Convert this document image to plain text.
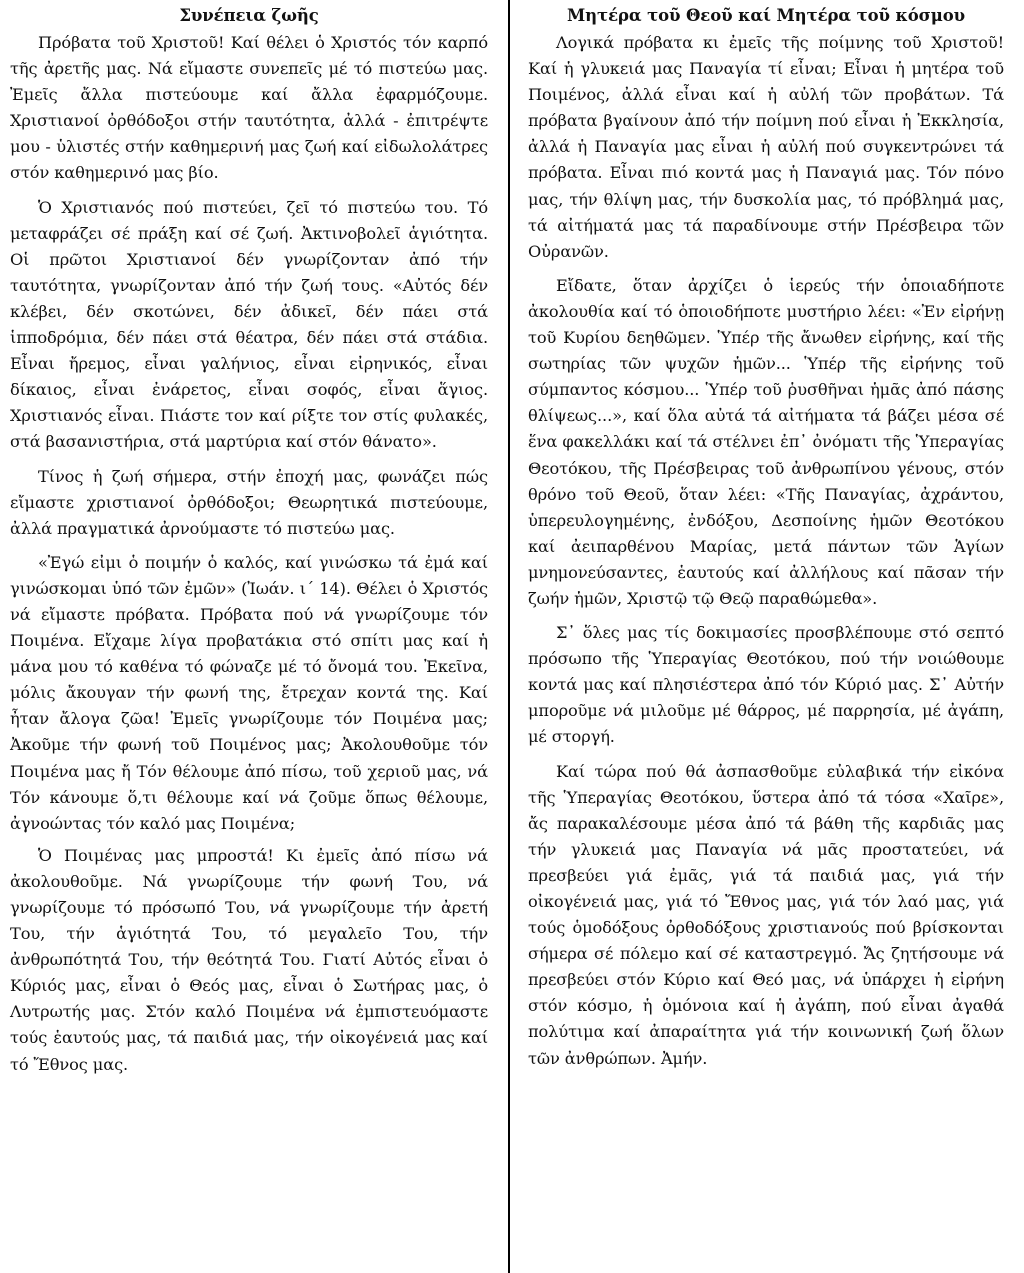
Συνέπεια ζωῆς

Πρόβατα τοῦ Χριστοῦ! Καί θέλει ὁ Χριστός τόν καρπό τῆς ἀρετῆς μας. Νά εἴμαστε συνεπεῖς μέ τό πιστεύω μας. Ἐμεῖς ἄλλα πιστεύουμε καί ἄλλα ἐφαρμόζουμε. Χριστιανοί ὀρθόδοξοι στήν ταυτότητα, ἀλλά - ἐπιτρέψτε μου - ὑλιστές στήν καθημερινή μας ζωή καί εἰδωλολάτρες στόν καθημερινό μας βίο.

Ὁ Χριστιανός πού πιστεύει, ζεῖ τό πιστεύω του. Τό μεταφράζει σέ πράξη καί σέ ζωή. Ἀκτινοβολεῖ ἁγιότητα. Οἱ πρῶτοι Χριστιανοί δέν γνωρίζονταν ἀπό τήν ταυτότητα, γνωρίζονταν ἀπό τήν ζωή τους. «Αὐτός δέν κλέβει, δέν σκοτώνει, δέν ἀδικεῖ, δέν πάει στά ἱπποδρόμια, δέν πάει στά θέατρα, δέν πάει στά στάδια. Εἶναι ἤρεμος, εἶναι γαλήνιος, εἶναι εἰρηνικός, εἶναι δίκαιος, εἶναι ἐνάρετος, εἶναι σοφός, εἶναι ἅγιος. Χριστιανός εἶναι. Πιάστε τον καί ρίξτε τον στίς φυλακές, στά βασανιστήρια, στά μαρτύρια καί στόν θάνατο».

Τίνος ἡ ζωή σήμερα, στήν ἐποχή μας, φωνάζει πώς εἴμαστε χριστιανοί ὀρθόδοξοι; Θεωρητικά πιστεύουμε, ἀλλά πραγματικά ἀρνούμαστε τό πιστεύω μας.

«Ἐγώ εἰμι ὁ ποιμήν ὁ καλός, καί γινώσκω τά ἐμά καί γινώσκομαι ὑπό τῶν ἐμῶν» (Ἰωάν. ι΄ 14). Θέλει ὁ Χριστός νά εἴμαστε πρόβατα. Πρόβατα πού νά γνωρίζουμε τόν Ποιμένα. Εἴχαμε λίγα προβατάκια στό σπίτι μας καί ἡ μάνα μου τό καθένα τό φώναζε μέ τό ὄνομά του. Ἐκεῖνα, μόλις ἄκουγαν τήν φωνή της, ἔτρεχαν κοντά της. Καί ἦταν ἄλογα ζῶα! Ἐμεῖς γνωρίζουμε τόν Ποιμένα μας; Ἀκοῦμε τήν φωνή τοῦ Ποιμένος μας; Ἀκολουθοῦμε τόν Ποιμένα μας ἤ Τόν θέλουμε ἀπό πίσω, τοῦ χεριοῦ μας, νά Τόν κάνουμε ὅ,τι θέλουμε καί νά ζοῦμε ὅπως θέλουμε, ἀγνοώντας τόν καλό μας Ποιμένα;

Ὁ Ποιμένας μας μπροστά! Κι ἐμεῖς ἀπό πίσω νά ἀκολουθοῦμε. Νά γνωρίζουμε τήν φωνή Του, νά γνωρίζουμε τό πρόσωπό Του, νά γνωρίζουμε τήν ἀρετή Του, τήν ἁγιότητά Του, τό μεγαλεῖο Του, τήν ἀνθρωπότητά Του, τήν θεότητά Του. Γιατί Αὐτός εἶναι ὁ Κύριός μας, εἶναι ὁ Θεός μας, εἶναι ὁ Σωτήρας μας, ὁ Λυτρωτής μας. Στόν καλό Ποιμένα νά ἐμπιστευόμαστε τούς ἑαυτούς μας, τά παιδιά μας, τήν οἰκογένειά μας καί τό Ἔθνος μας.

Μητέρα τοῦ Θεοῦ καί Μητέρα τοῦ κόσμου

Λογικά πρόβατα κι ἐμεῖς τῆς ποίμνης τοῦ Χριστοῦ! Καί ἡ γλυκειά μας Παναγία τί εἶναι; Εἶναι ἡ μητέρα τοῦ Ποιμένος, ἀλλά εἶναι καί ἡ αὐλή τῶν προβάτων. Τά πρόβατα βγαίνουν ἀπό τήν ποίμνη πού εἶναι ἡ Ἐκκλησία, ἀλλά ἡ Παναγία μας εἶναι ἡ αὐλή πού συγκεντρώνει τά πρόβατα. Εἶναι πιό κοντά μας ἡ Παναγιά μας. Τόν πόνο μας, τήν θλίψη μας, τήν δυσκολία μας, τό πρόβλημά μας, τά αἰτήματά μας τά παραδίνουμε στήν Πρέσβειρα τῶν Οὐρανῶν.

Εἴδατε, ὅταν ἀρχίζει ὁ ἱερεύς τήν ὁποιαδήποτε ἀκολουθία καί τό ὁποιοδήποτε μυστήριο λέει: «Ἐν εἰρήνῃ τοῦ Κυρίου δεηθῶμεν. Ὑπέρ τῆς ἄνωθεν εἰρήνης, καί τῆς σωτηρίας τῶν ψυχῶν ἡμῶν... Ὑπέρ τῆς εἰρήνης τοῦ σύμπαντος κόσμου... Ὑπέρ τοῦ ῥυσθῆναι ἡμᾶς ἀπό πάσης θλίψεως...», καί ὅλα αὐτά τά αἰτήματα τά βάζει μέσα σέ ἕνα φακελλάκι καί τά στέλνει ἐπ᾽ ὀνόματι τῆς Ὑπεραγίας Θεοτόκου, τῆς Πρέσβειρας τοῦ ἀνθρωπίνου γένους, στόν θρόνο τοῦ Θεοῦ, ὅταν λέει: «Τῆς Παναγίας, ἀχράντου, ὑπερευλογημένης, ἐνδόξου, Δεσποίνης ἡμῶν Θεοτόκου καί ἀειπαρθένου Μαρίας, μετά πάντων τῶν Ἁγίων μνημονεύσαντες, ἑαυτούς καί ἀλλήλους καί πᾶσαν τήν ζωήν ἡμῶν, Χριστῷ τῷ Θεῷ παραθώμεθα».

Σ᾽ ὅλες μας τίς δοκιμασίες προσβλέπουμε στό σεπτό πρόσωπο τῆς Ὑπεραγίας Θεοτόκου, πού τήν νοιώθουμε κοντά μας καί πλησιέστερα ἀπό τόν Κύριό μας. Σ᾽ Αὐτήν μποροῦμε νά μιλοῦμε μέ θάρρος, μέ παρρησία, μέ ἀγάπη, μέ στοργή.

Καί τώρα πού θά ἀσπασθοῦμε εὐλαβικά τήν εἰκόνα τῆς Ὑπεραγίας Θεοτόκου, ὕστερα ἀπό τά τόσα «Χαῖρε», ἄς παρακαλέσουμε μέσα ἀπό τά βάθη τῆς καρδιᾶς μας τήν γλυκειά μας Παναγία νά μᾶς προστατεύει, νά πρεσβεύει γιά ἐμᾶς, γιά τά παιδιά μας, γιά τήν οἰκογένειά μας, γιά τό Ἔθνος μας, γιά τόν λαό μας, γιά τούς ὁμοδόξους ὀρθοδόξους χριστιανούς πού βρίσκονται σήμερα σέ πόλεμο καί σέ καταστρεγμό. Ἄς ζητήσουμε νά πρεσβεύει στόν Κύριο καί Θεό μας, νά ὑπάρχει ἡ εἰρήνη στόν κόσμο, ἡ ὁμόνοια καί ἡ ἀγάπη, πού εἶναι ἀγαθά πολύτιμα καί ἀπαραίτητα γιά τήν κοινωνική ζωή ὅλων τῶν ἀνθρώπων. Ἀμήν.
